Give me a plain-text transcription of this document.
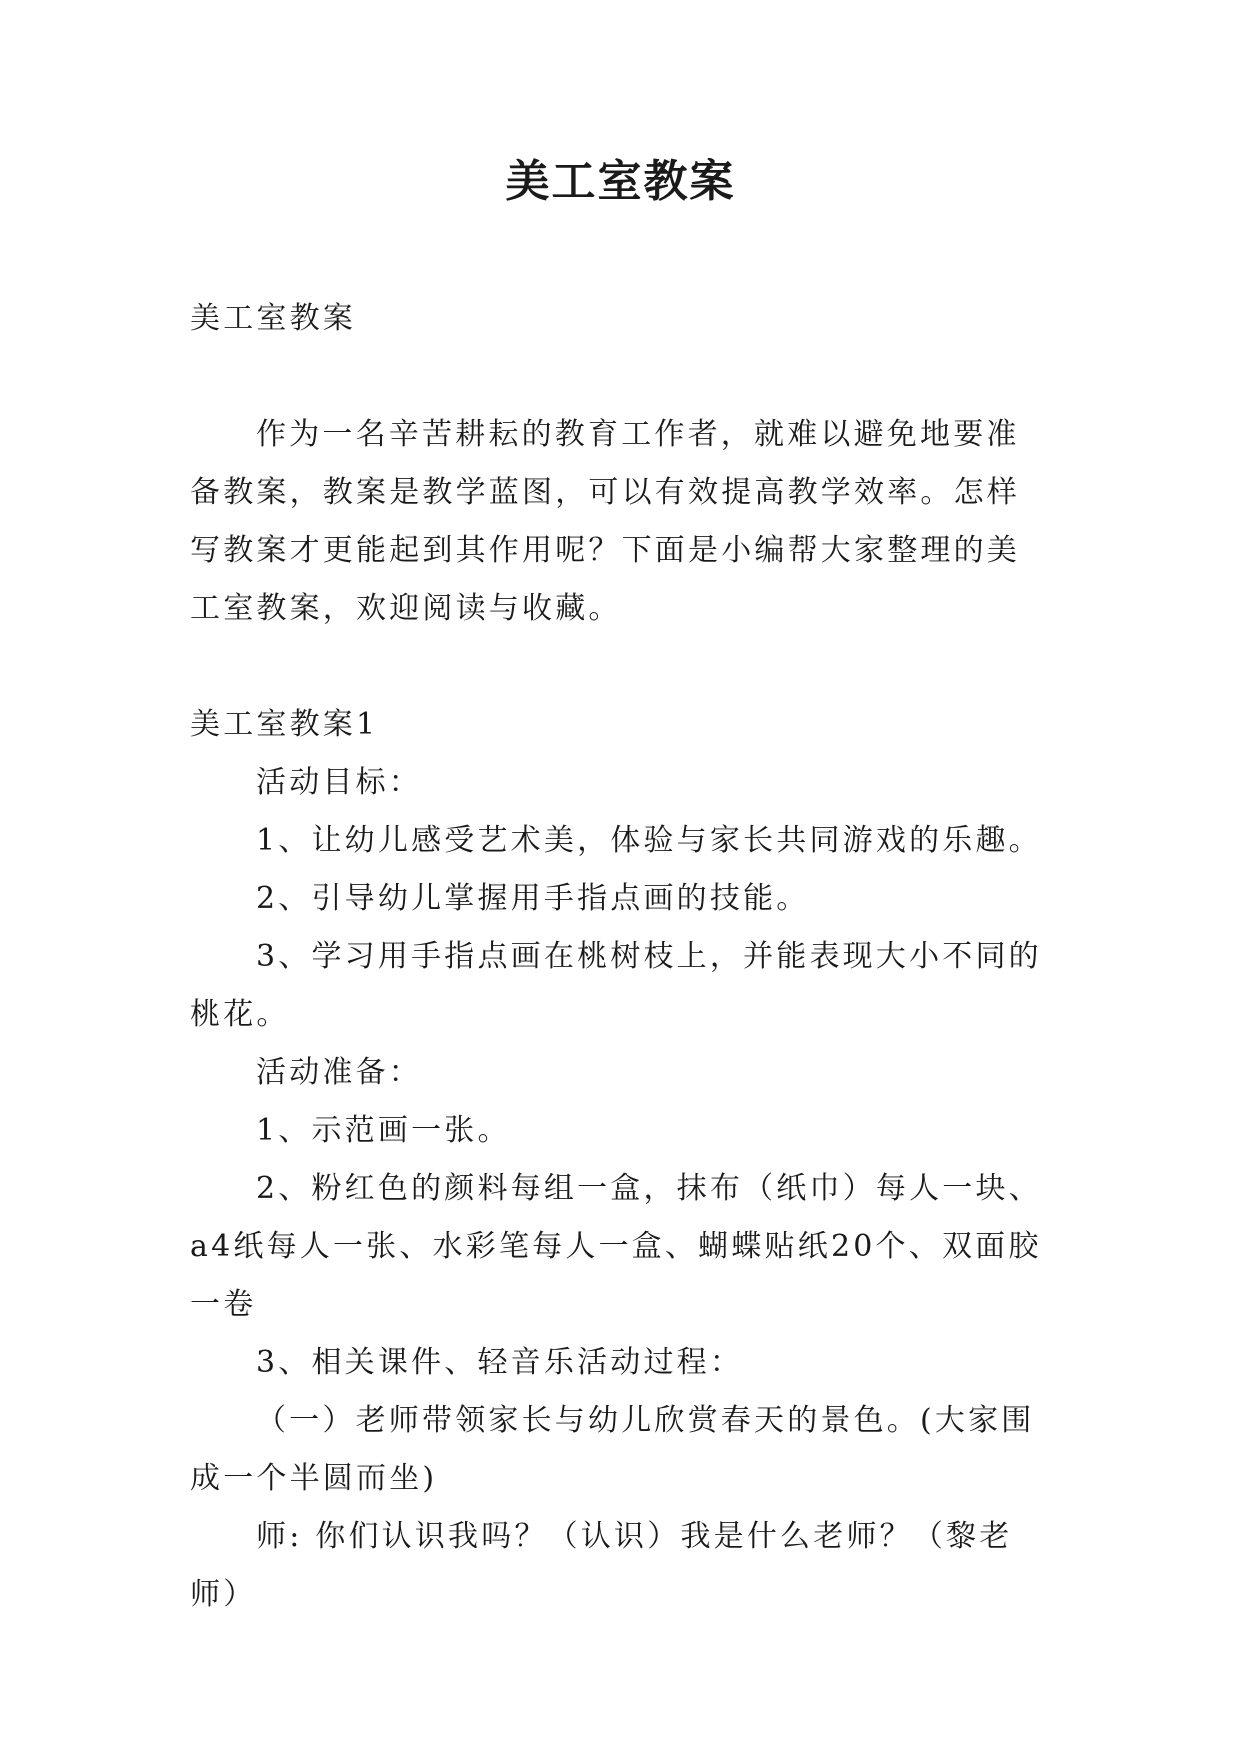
美工室教案

美工室教案

作为一名辛苦耕耘的教育工作者，就难以避免地要准备教案，教案是教学蓝图，可以有效提高教学效率。怎样写教案才更能起到其作用呢？下面是小编帮大家整理的美工室教案，欢迎阅读与收藏。

美工室教案1

活动目标：

1、让幼儿感受艺术美，体验与家长共同游戏的乐趣。

2、引导幼儿掌握用手指点画的技能。

3、学习用手指点画在桃树枝上，并能表现大小不同的桃花。

活动准备：

1、示范画一张。

2、粉红色的颜料每组一盒，抹布（纸巾）每人一块、a4纸每人一张、水彩笔每人一盒、蝴蝶贴纸20个、双面胶一卷

3、相关课件、轻音乐活动过程：

（一）老师带领家长与幼儿欣赏春天的景色。(大家围成一个半圆而坐)

师: 你们认识我吗？（认识）我是什么老师？（黎老师）
